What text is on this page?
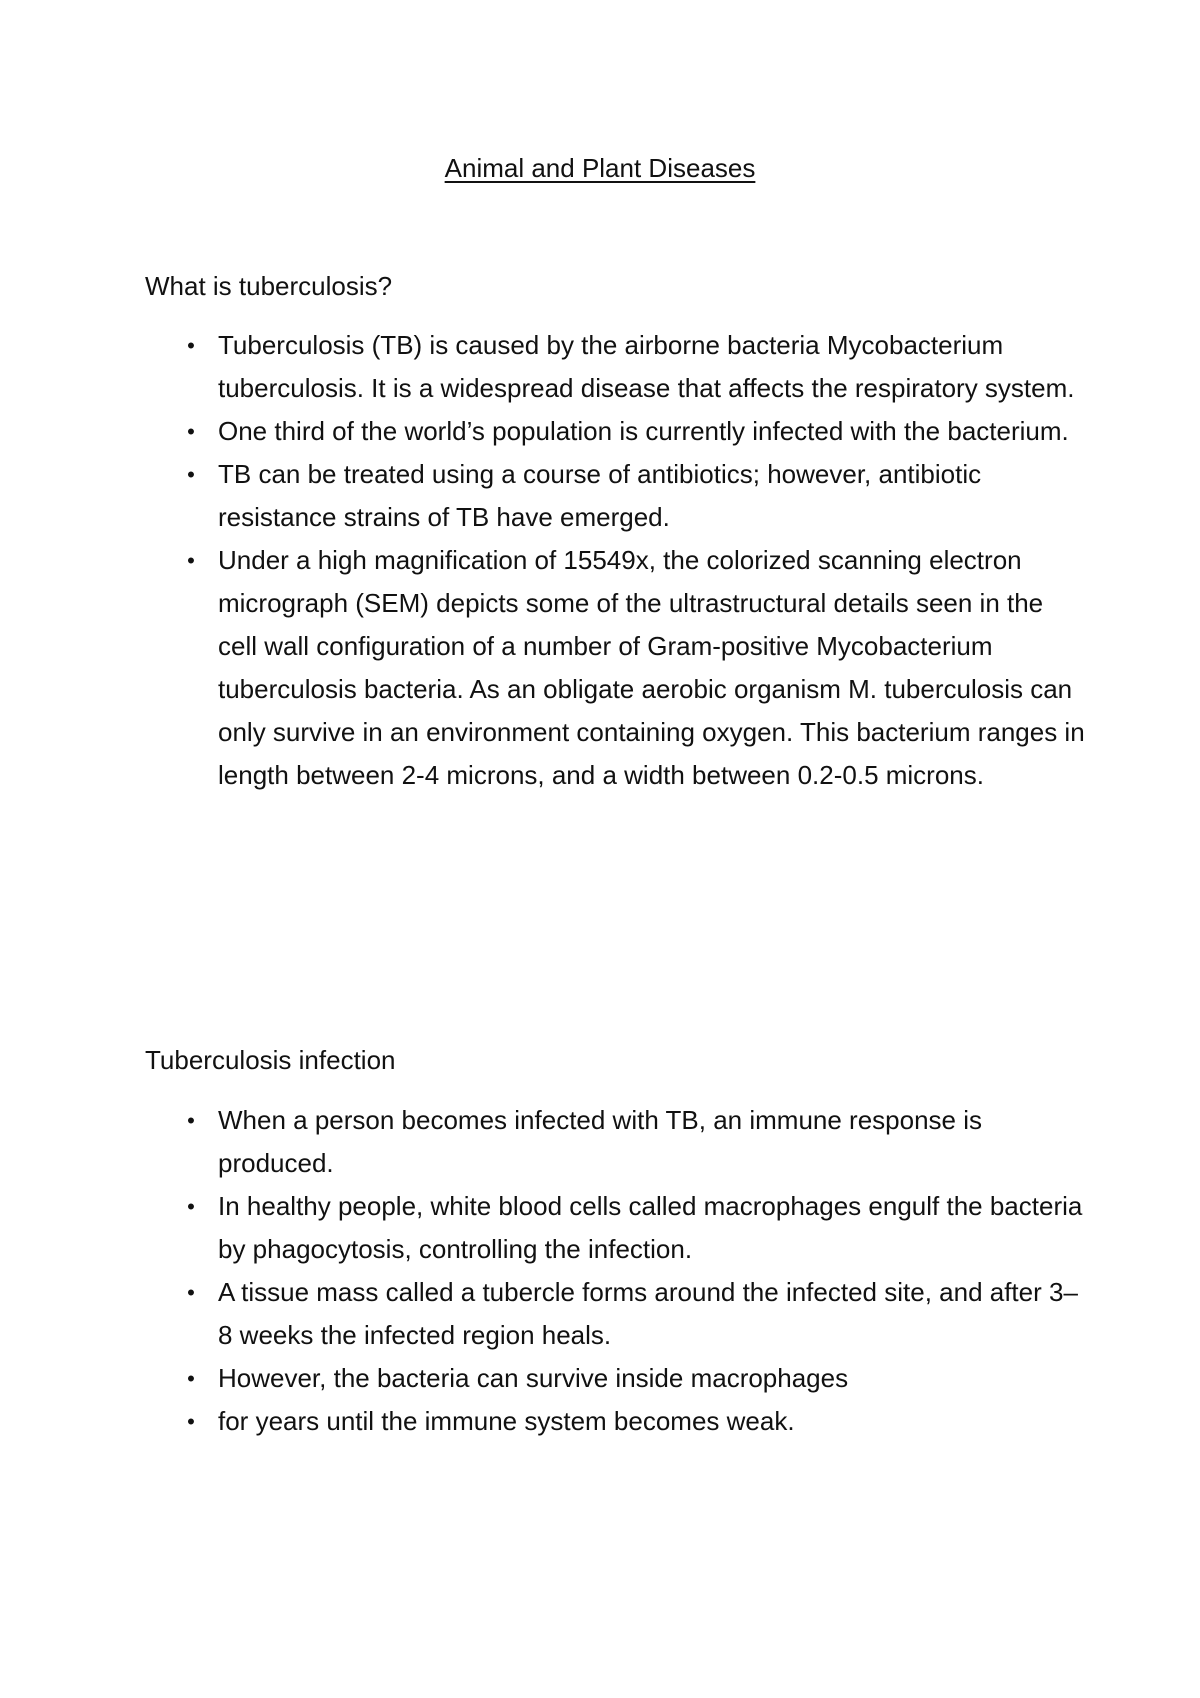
Animal and Plant Diseases
What is tuberculosis?
• Tuberculosis (TB) is caused by the airborne bacteria Mycobacterium tuberculosis. It is a widespread disease that affects the respiratory system.
• One third of the world’s population is currently infected with the bacterium.
• TB can be treated using a course of antibiotics; however, antibiotic resistance strains of TB have emerged.
• Under a high magnification of 15549x, the colorized scanning electron micrograph (SEM) depicts some of the ultrastructural details seen in the cell wall configuration of a number of Gram-positive Mycobacterium tuberculosis bacteria. As an obligate aerobic organism M. tuberculosis can only survive in an environment containing oxygen. This bacterium ranges in length between 2-4 microns, and a width between 0.2-0.5 microns.
Tuberculosis infection
• When a person becomes infected with TB, an immune response is produced.
• In healthy people, white blood cells called macrophages engulf the bacteria by phagocytosis, controlling the infection.
• A tissue mass called a tubercle forms around the infected site, and after 3–8 weeks the infected region heals.
• However, the bacteria can survive inside macrophages
• for years until the immune system becomes weak.
